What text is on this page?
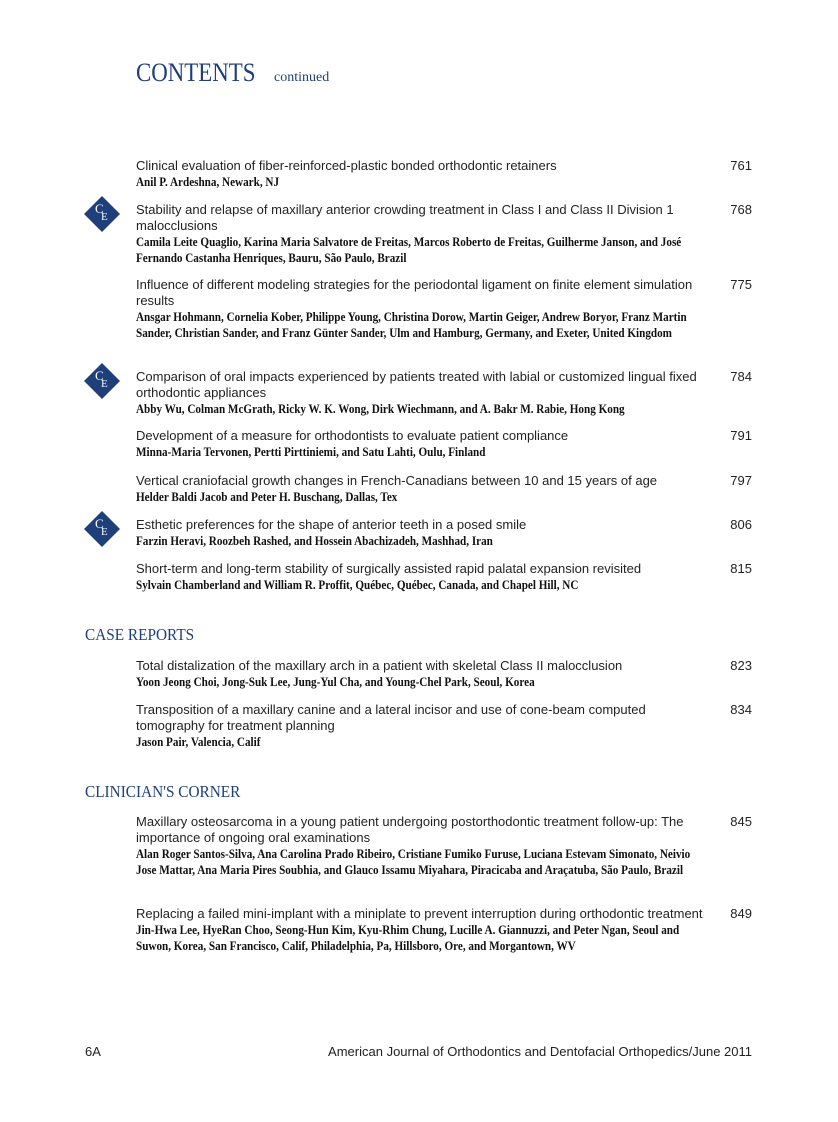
CONTENTS continued
Clinical evaluation of fiber-reinforced-plastic bonded orthodontic retainers	761
Anil P. Ardeshna, Newark, NJ
C
E Stability and relapse of maxillary anterior crowding treatment in Class I and Class II Division 1 malocclusions
768
Camila Leite Quaglio, Karina Maria Salvatore de Freitas, Marcos Roberto de Freitas, Guilherme Janson, and José Fernando Castanha Henriques, Bauru, São Paulo, Brazil
Influence of different modeling strategies for the periodontal ligament on finite element simulation results
775
Ansgar Hohmann, Cornelia Kober, Philippe Young, Christina Dorow, Martin Geiger, Andrew Boryor, Franz Martin Sander, Christian Sander, and Franz Günter Sander, Ulm and Hamburg, Germany, and Exeter, United Kingdom
C
E Comparison of oral impacts experienced by patients treated with labial or customized lingual fixed orthodontic appliances
784
Abby Wu, Colman McGrath, Ricky W. K. Wong, Dirk Wiechmann, and A. Bakr M. Rabie, Hong Kong
Development of a measure for orthodontists to evaluate patient compliance	791
Minna-Maria Tervonen, Pertti Pirttiniemi, and Satu Lahti, Oulu, Finland
Vertical craniofacial growth changes in French-Canadians between 10 and 15 years of age	797
Helder Baldi Jacob and Peter H. Buschang, Dallas, Tex
C
E Esthetic preferences for the shape of anterior teeth in a posed smile	806
Farzin Heravi, Roozbeh Rashed, and Hossein Abachizadeh, Mashhad, Iran
Short-term and long-term stability of surgically assisted rapid palatal expansion revisited	815
Sylvain Chamberland and William R. Proffit, Québec, Québec, Canada, and Chapel Hill, NC
CASE REPORTS
Total distalization of the maxillary arch in a patient with skeletal Class II malocclusion	823
Yoon Jeong Choi, Jong-Suk Lee, Jung-Yul Cha, and Young-Chel Park, Seoul, Korea
Transposition of a maxillary canine and a lateral incisor and use of cone-beam computed tomography for treatment planning
834
Jason Pair, Valencia, Calif
CLINICIAN'S CORNER
Maxillary osteosarcoma in a young patient undergoing postorthodontic treatment follow-up: The importance of ongoing oral examinations
845
Alan Roger Santos-Silva, Ana Carolina Prado Ribeiro, Cristiane Fumiko Furuse, Luciana Estevam Simonato, Neivio Jose Mattar, Ana Maria Pires Soubhia, and Glauco Issamu Miyahara, Piracicaba and Araçatuba, São Paulo, Brazil
Replacing a failed mini-implant with a miniplate to prevent interruption during orthodontic treatment 849
Jin-Hwa Lee, HyeRan Choo, Seong-Hun Kim, Kyu-Rhim Chung, Lucille A. Giannuzzi, and Peter Ngan, Seoul and Suwon, Korea, San Francisco, Calif, Philadelphia, Pa, Hillsboro, Ore, and Morgantown, WV
6A	American Journal of Orthodontics and Dentofacial Orthopedics/June 2011
